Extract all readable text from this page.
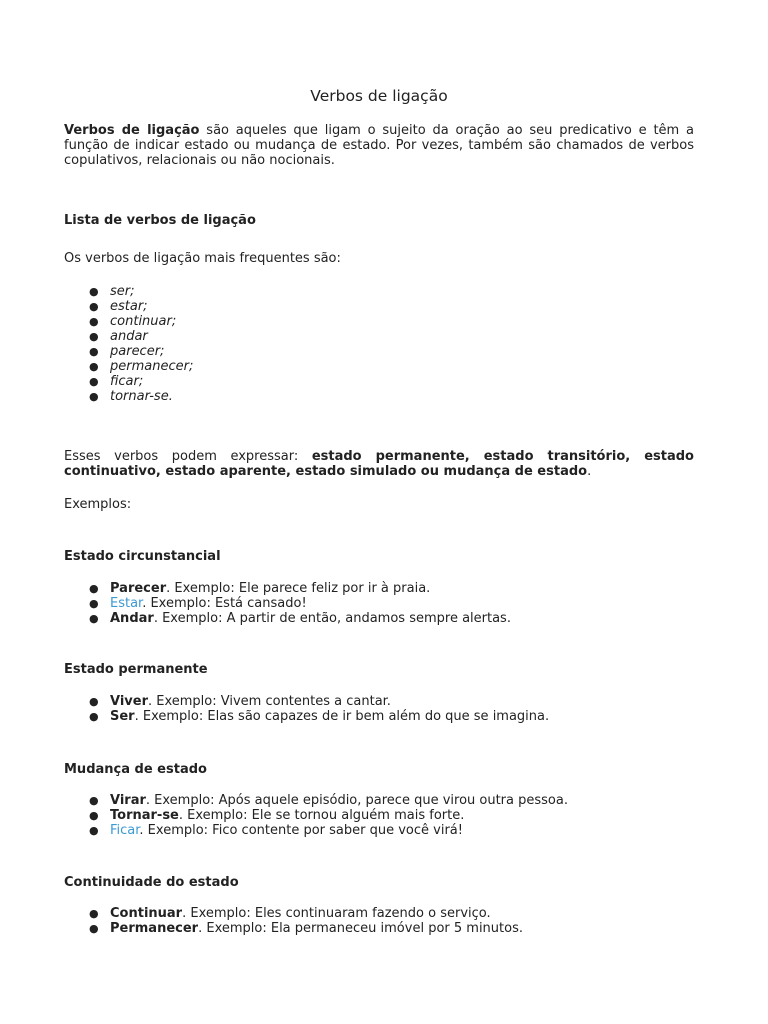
Verbos de ligação
Verbos de ligação são aqueles que ligam o sujeito da oração ao seu predicativo e têm a função de indicar estado ou mudança de estado. Por vezes, também são chamados de verbos copulativos, relacionais ou não nocionais.
Lista de verbos de ligação
Os verbos de ligação mais frequentes são:
● ser;
● estar;
● continuar;
● andar
● parecer;
● permanecer;
● ficar;
● tornar-se.
Esses verbos podem expressar: estado permanente, estado transitório, estado continuativo, estado aparente, estado simulado ou mudança de estado.
Exemplos:
Estado circunstancial
● Parecer. Exemplo: Ele parece feliz por ir à praia.
● Estar. Exemplo: Está cansado!
● Andar. Exemplo: A partir de então, andamos sempre alertas.
Estado permanente
● Viver. Exemplo: Vivem contentes a cantar.
● Ser. Exemplo: Elas são capazes de ir bem além do que se imagina.
Mudança de estado
● Virar. Exemplo: Após aquele episódio, parece que virou outra pessoa.
● Tornar-se. Exemplo: Ele se tornou alguém mais forte.
● Ficar. Exemplo: Fico contente por saber que você virá!
Continuidade do estado
● Continuar. Exemplo: Eles continuaram fazendo o serviço.
● Permanecer. Exemplo: Ela permaneceu imóvel por 5 minutos.
